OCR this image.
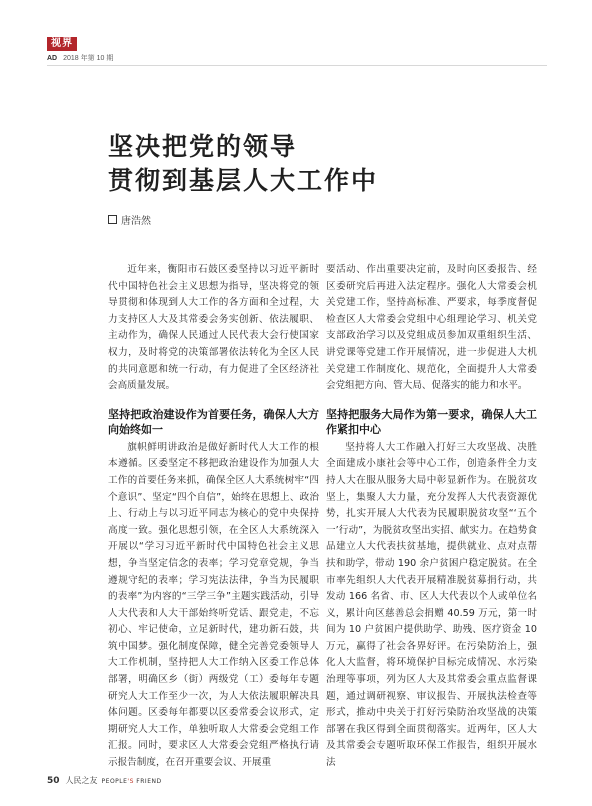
视界
AD 2018 年第 10 期
坚决把党的领导
贯彻到基层人大工作中
唐浩然

近年来，衡阳市石鼓区委坚持以习近平新时代中国特色社会主义思想为指导，坚决将党的领导贯彻和体现到人大工作的各方面和全过程，大力支持区人大及其常委会务实创新、依法履职、主动作为，确保人民通过人民代表大会行使国家权力，及时将党的决策部署依法转化为全区人民的共同意愿和统一行动，有力促进了全区经济社会高质量发展。

坚持把政治建设作为首要任务，确保人大方向始终如一

旗帜鲜明讲政治是做好新时代人大工作的根本遵循。区委坚定不移把政治建设作为加强人大工作的首要任务来抓，确保全区人大系统树牢“四个意识”、坚定“四个自信”，始终在思想上、政治上、行动上与以习近平同志为核心的党中央保持高度一致。强化思想引领，在全区人大系统深入开展以“学习习近平新时代中国特色社会主义思想，争当坚定信念的表率；学习党章党规，争当遵规守纪的表率；学习宪法法律，争当为民履职的表率”为内容的“三学三争”主题实践活动，引导人大代表和人大干部始终听党话、跟党走，不忘初心、牢记使命，立足新时代，建功新石鼓，共筑中国梦。强化制度保障，健全完善党委领导人大工作机制，坚持把人大工作纳入区委工作总体部署，明确区乡（街）两级党（工）委每年专题研究人大工作至少一次，为人大依法履职解决具体问题。区委每年都要以区委常委会议形式，定期研究人大工作，单独听取人大常委会党组工作汇报。同时，要求区人大常委会党组严格执行请示报告制度，在召开重要会议、开展重

要活动、作出重要决定前，及时向区委报告、经区委研究后再进入法定程序。强化人大常委会机关党建工作，坚持高标准、严要求，每季度督促检查区人大常委会党组中心组理论学习、机关党支部政治学习以及党组成员参加双重组织生活、讲党课等党建工作开展情况，进一步促进人大机关党建工作制度化、规范化，全面提升人大常委会党组把方向、管大局、促落实的能力和水平。

坚持把服务大局作为第一要求，确保人大工作紧扣中心

坚持将人大工作融入打好三大攻坚战、决胜全面建成小康社会等中心工作，创造条件全力支持人大在服从服务大局中彰显新作为。在脱贫攻坚上，集聚人大力量，充分发挥人大代表资源优势，扎实开展人大代表为民履职脱贫攻坚“‘五个一’行动”，为脱贫攻坚出实招、献实力。在趋势食品建立人大代表扶贫基地，提供就业、点对点帮扶和助学，带动 190 余户贫困户稳定脱贫。在全市率先组织人大代表开展精准脱贫募捐行动，共发动 166 名省、市、区人大代表以个人或单位名义，累计向区慈善总会捐赠 40.59 万元，第一时间为 10 户贫困户提供助学、助残、医疗资金 10 万元，赢得了社会各界好评。在污染防治上，强化人大监督，将环境保护目标完成情况、水污染治理等事项，列为区人大及其常委会重点监督课题，通过调研视察、审议报告、开展执法检查等形式，推动中央关于打好污染防治攻坚战的决策部署在我区得到全面贯彻落实。近两年，区人大及其常委会专题听取环保工作报告，组织开展水法

50 人民之友 PEOPLE'S FRIEND
